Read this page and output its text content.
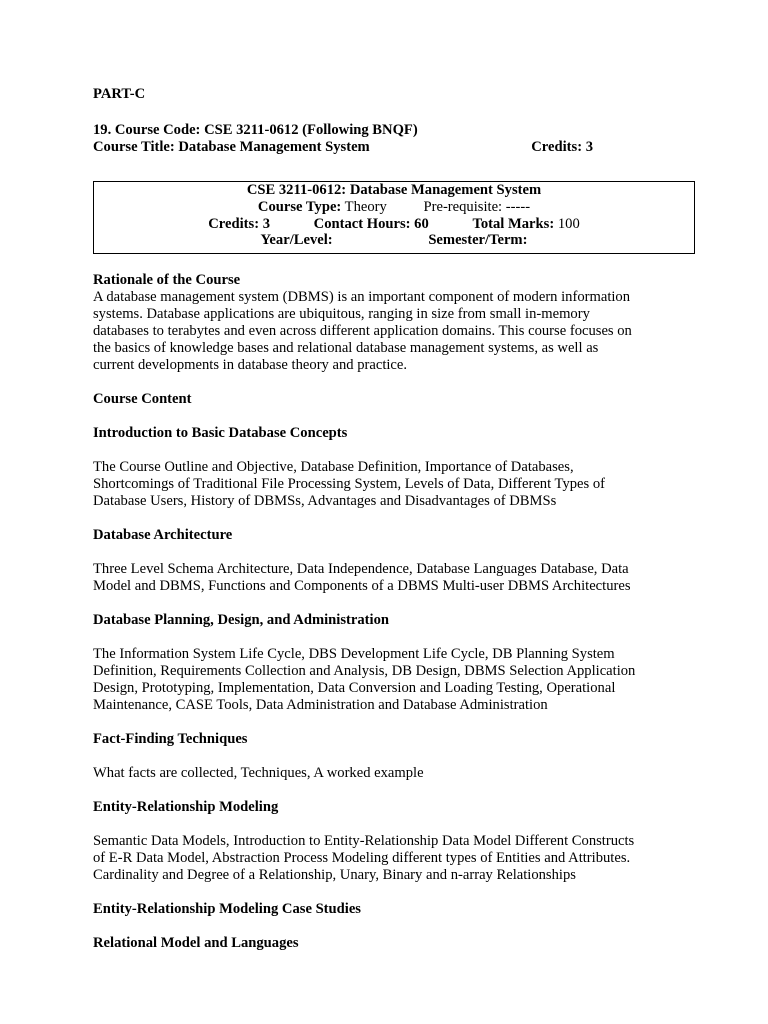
PART-C

19. Course Code: CSE 3211-0612 (Following BNQF)

Course Title: Database Management System	Credits: 3

CSE 3211-0612: Database Management System

Course Type: Theory	Pre-requisite: -----

Credits: 3	Contact Hours: 60	Total Marks: 100

Year/Level:	Semester/Term:

Rationale of the Course

A database management system (DBMS) is an important component of modern information

systems. Database applications are ubiquitous, ranging in size from small in-memory

databases to terabytes and even across different application domains. This course focuses on

the basics of knowledge bases and relational database management systems, as well as

current developments in database theory and practice.

Course Content

Introduction to Basic Database Concepts

The Course Outline and Objective, Database Definition, Importance of Databases,

Shortcomings of Traditional File Processing System, Levels of Data, Different Types of

Database Users, History of DBMSs, Advantages and Disadvantages of DBMSs

Database Architecture

Three Level Schema Architecture, Data Independence, Database Languages Database, Data

Model and DBMS, Functions and Components of a DBMS Multi-user DBMS Architectures

Database Planning, Design, and Administration

The Information System Life Cycle, DBS Development Life Cycle, DB Planning System

Definition, Requirements Collection and Analysis, DB Design, DBMS Selection Application

Design, Prototyping, Implementation, Data Conversion and Loading Testing, Operational

Maintenance, CASE Tools, Data Administration and Database Administration

Fact-Finding Techniques

What facts are collected, Techniques, A worked example

Entity-Relationship Modeling

Semantic Data Models, Introduction to Entity-Relationship Data Model Different Constructs

of E-R Data Model, Abstraction Process Modeling different types of Entities and Attributes.

Cardinality and Degree of a Relationship, Unary, Binary and n-array Relationships

Entity-Relationship Modeling Case Studies

Relational Model and Languages
